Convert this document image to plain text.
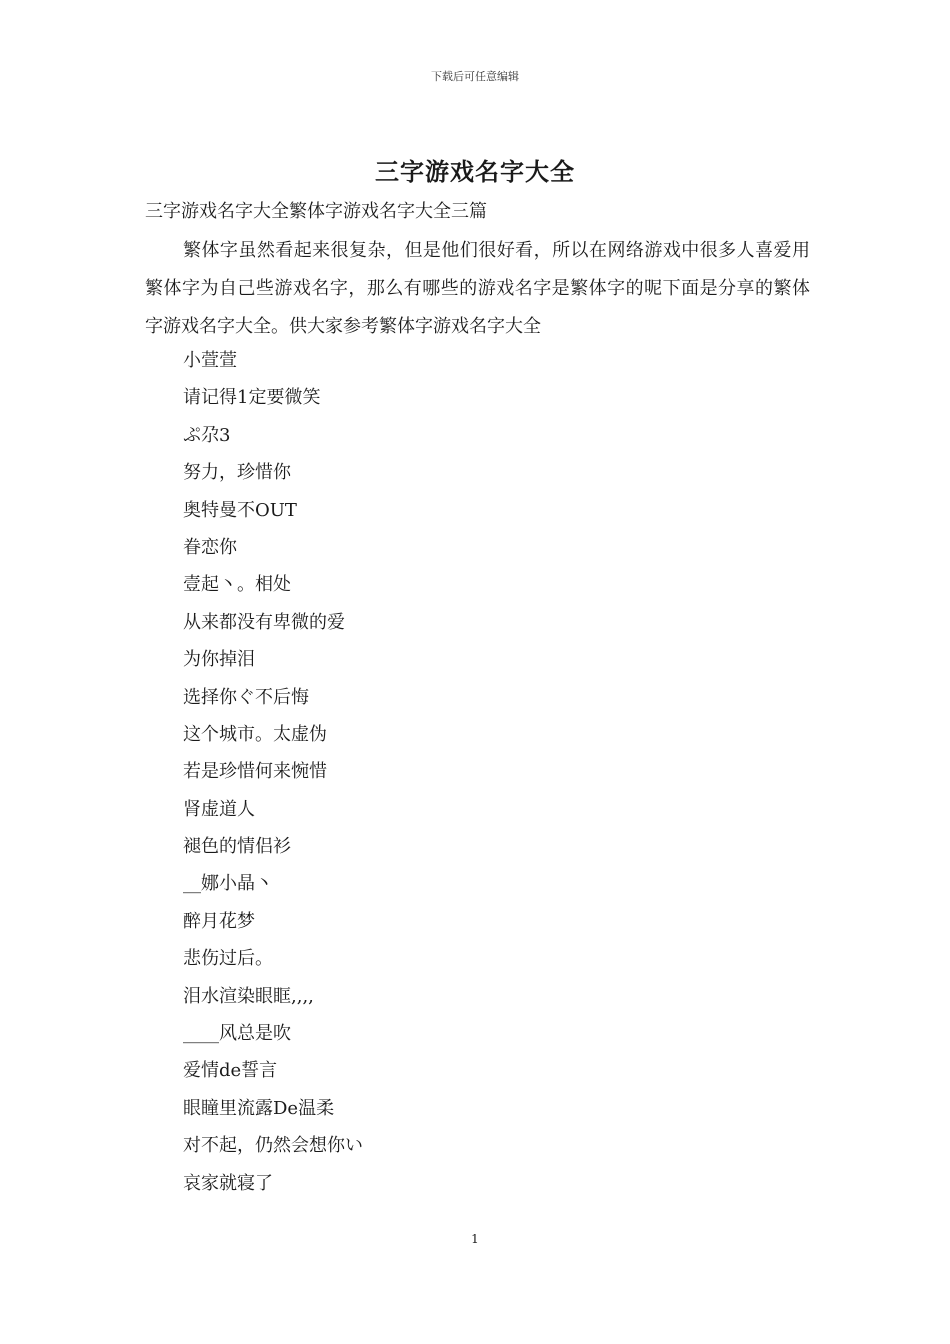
下载后可任意编辑
三字游戏名字大全
三字游戏名字大全繁体字游戏名字大全三篇

繁体字虽然看起来很复杂，但是他们很好看，所以在网络游戏中很多人喜爱用繁体字为自己些游戏名字，那么有哪些的游戏名字是繁体字的呢下面是分享的繁体字游戏名字大全。供大家参考繁体字游戏名字大全

小萱萱
请记得1定要微笑
ぷ尕3
努力，珍惜你
奥特曼不OUT
眷恋你
壹起丶。相处
从来都没有卑微的爱
为你掉泪
选择你ぐ不后悔
这个城市。太虚伪
若是珍惜何来惋惜
肾虚道人
褪色的情侣衫
__娜小晶丶
醉月花梦
悲伤过后。
泪水渲染眼眶,,,,
____风总是吹
爱情de誓言
眼瞳里流露De温柔
对不起，仍然会想你い
哀家就寝了
1
